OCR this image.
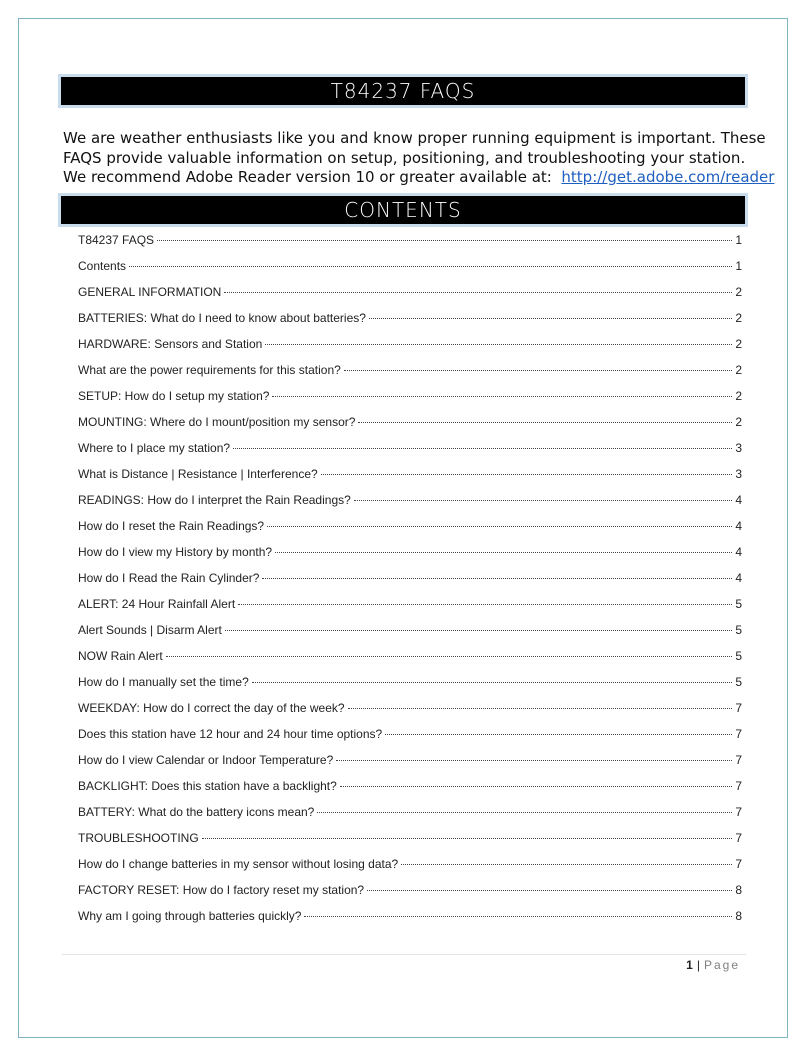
T84237 FAQS

We are weather enthusiasts like you and know proper running equipment is important. These
FAQS provide valuable information on setup, positioning, and troubleshooting your station.
We recommend Adobe Reader version 10 or greater available at: http://get.adobe.com/reader

CONTENTS
T84237 FAQS	1
Contents	1
GENERAL INFORMATION	2
BATTERIES: What do I need to know about batteries?	2
HARDWARE: Sensors and Station	2
What are the power requirements for this station?	2
SETUP: How do I setup my station?	2
MOUNTING: Where do I mount/position my sensor?	2
Where to I place my station?	3
What is Distance | Resistance | Interference?	3
READINGS: How do I interpret the Rain Readings?	4
How do I reset the Rain Readings?	4
How do I view my History by month?	4
How do I Read the Rain Cylinder?	4
ALERT: 24 Hour Rainfall Alert	5
Alert Sounds | Disarm Alert	5
NOW Rain Alert	5
How do I manually set the time?	5
WEEKDAY: How do I correct the day of the week?	7
Does this station have 12 hour and 24 hour time options?	7
How do I view Calendar or Indoor Temperature?	7
BACKLIGHT: Does this station have a backlight?	7
BATTERY: What do the battery icons mean?	7
TROUBLESHOOTING	7
How do I change batteries in my sensor without losing data?	7
FACTORY RESET: How do I factory reset my station?	8
Why am I going through batteries quickly?	8
1 | Page
